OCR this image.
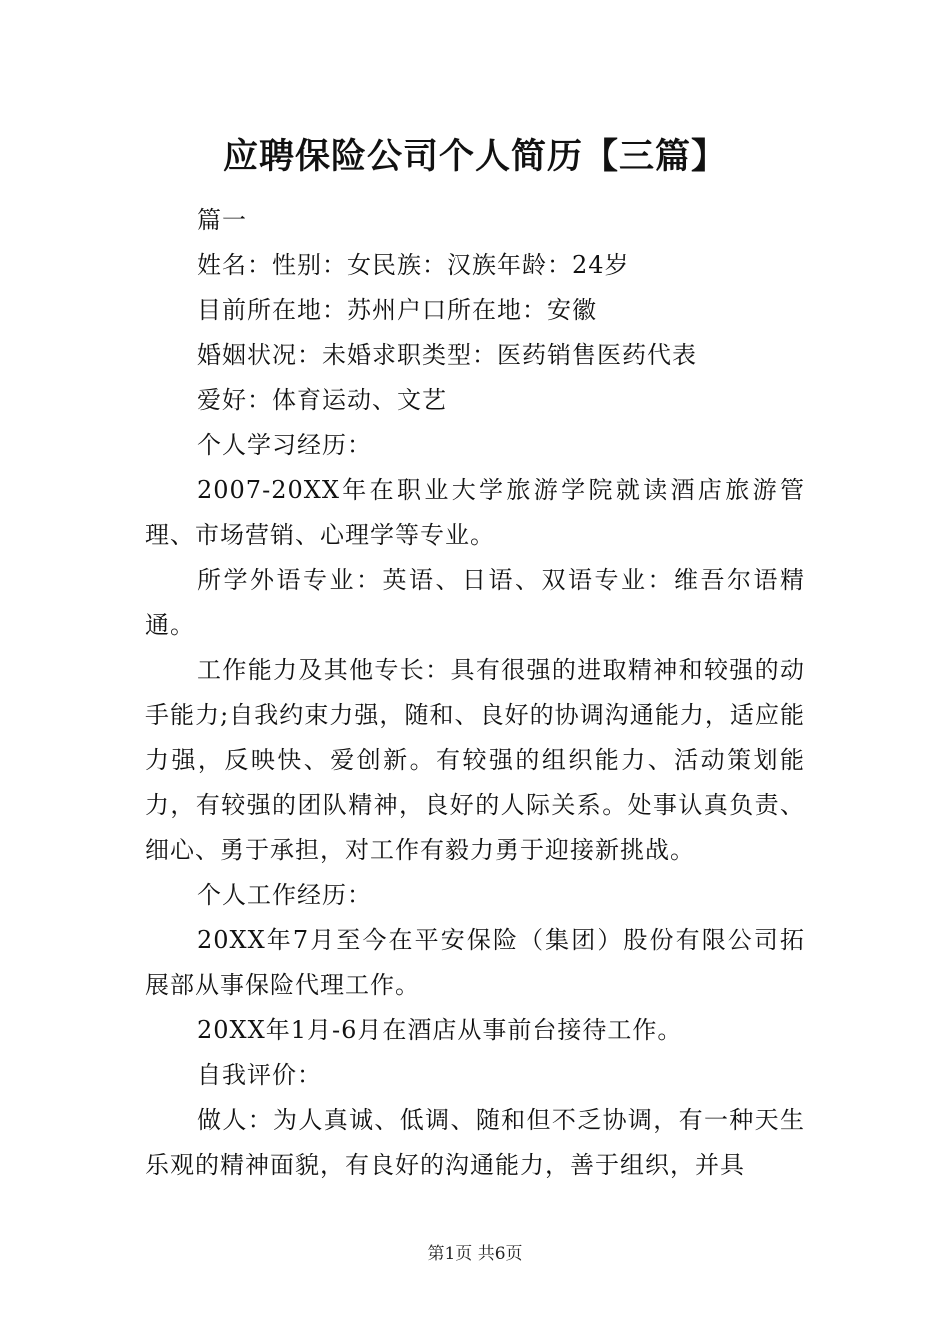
应聘保险公司个人简历【三篇】

篇一

姓名：性别：女民族：汉族年龄：24岁

目前所在地：苏州户口所在地：安徽

婚姻状况：未婚求职类型：医药销售医药代表

爱好：体育运动、文艺

个人学习经历：

2007-20XX年在职业大学旅游学院就读酒店旅游管理、市场营销、心理学等专业。

所学外语专业：英语、日语、双语专业：维吾尔语精通。

工作能力及其他专长：具有很强的进取精神和较强的动手能力;自我约束力强，随和、良好的协调沟通能力，适应能力强，反映快、爱创新。有较强的组织能力、活动策划能力，有较强的团队精神，良好的人际关系。处事认真负责、细心、勇于承担，对工作有毅力勇于迎接新挑战。

个人工作经历：

20XX年7月至今在平安保险（集团）股份有限公司拓展部从事保险代理工作。

20XX年1月-6月在酒店从事前台接待工作。

自我评价：

做人：为人真诚、低调、随和但不乏协调，有一种天生乐观的精神面貌，有良好的沟通能力，善于组织，并具

第1页 共6页
